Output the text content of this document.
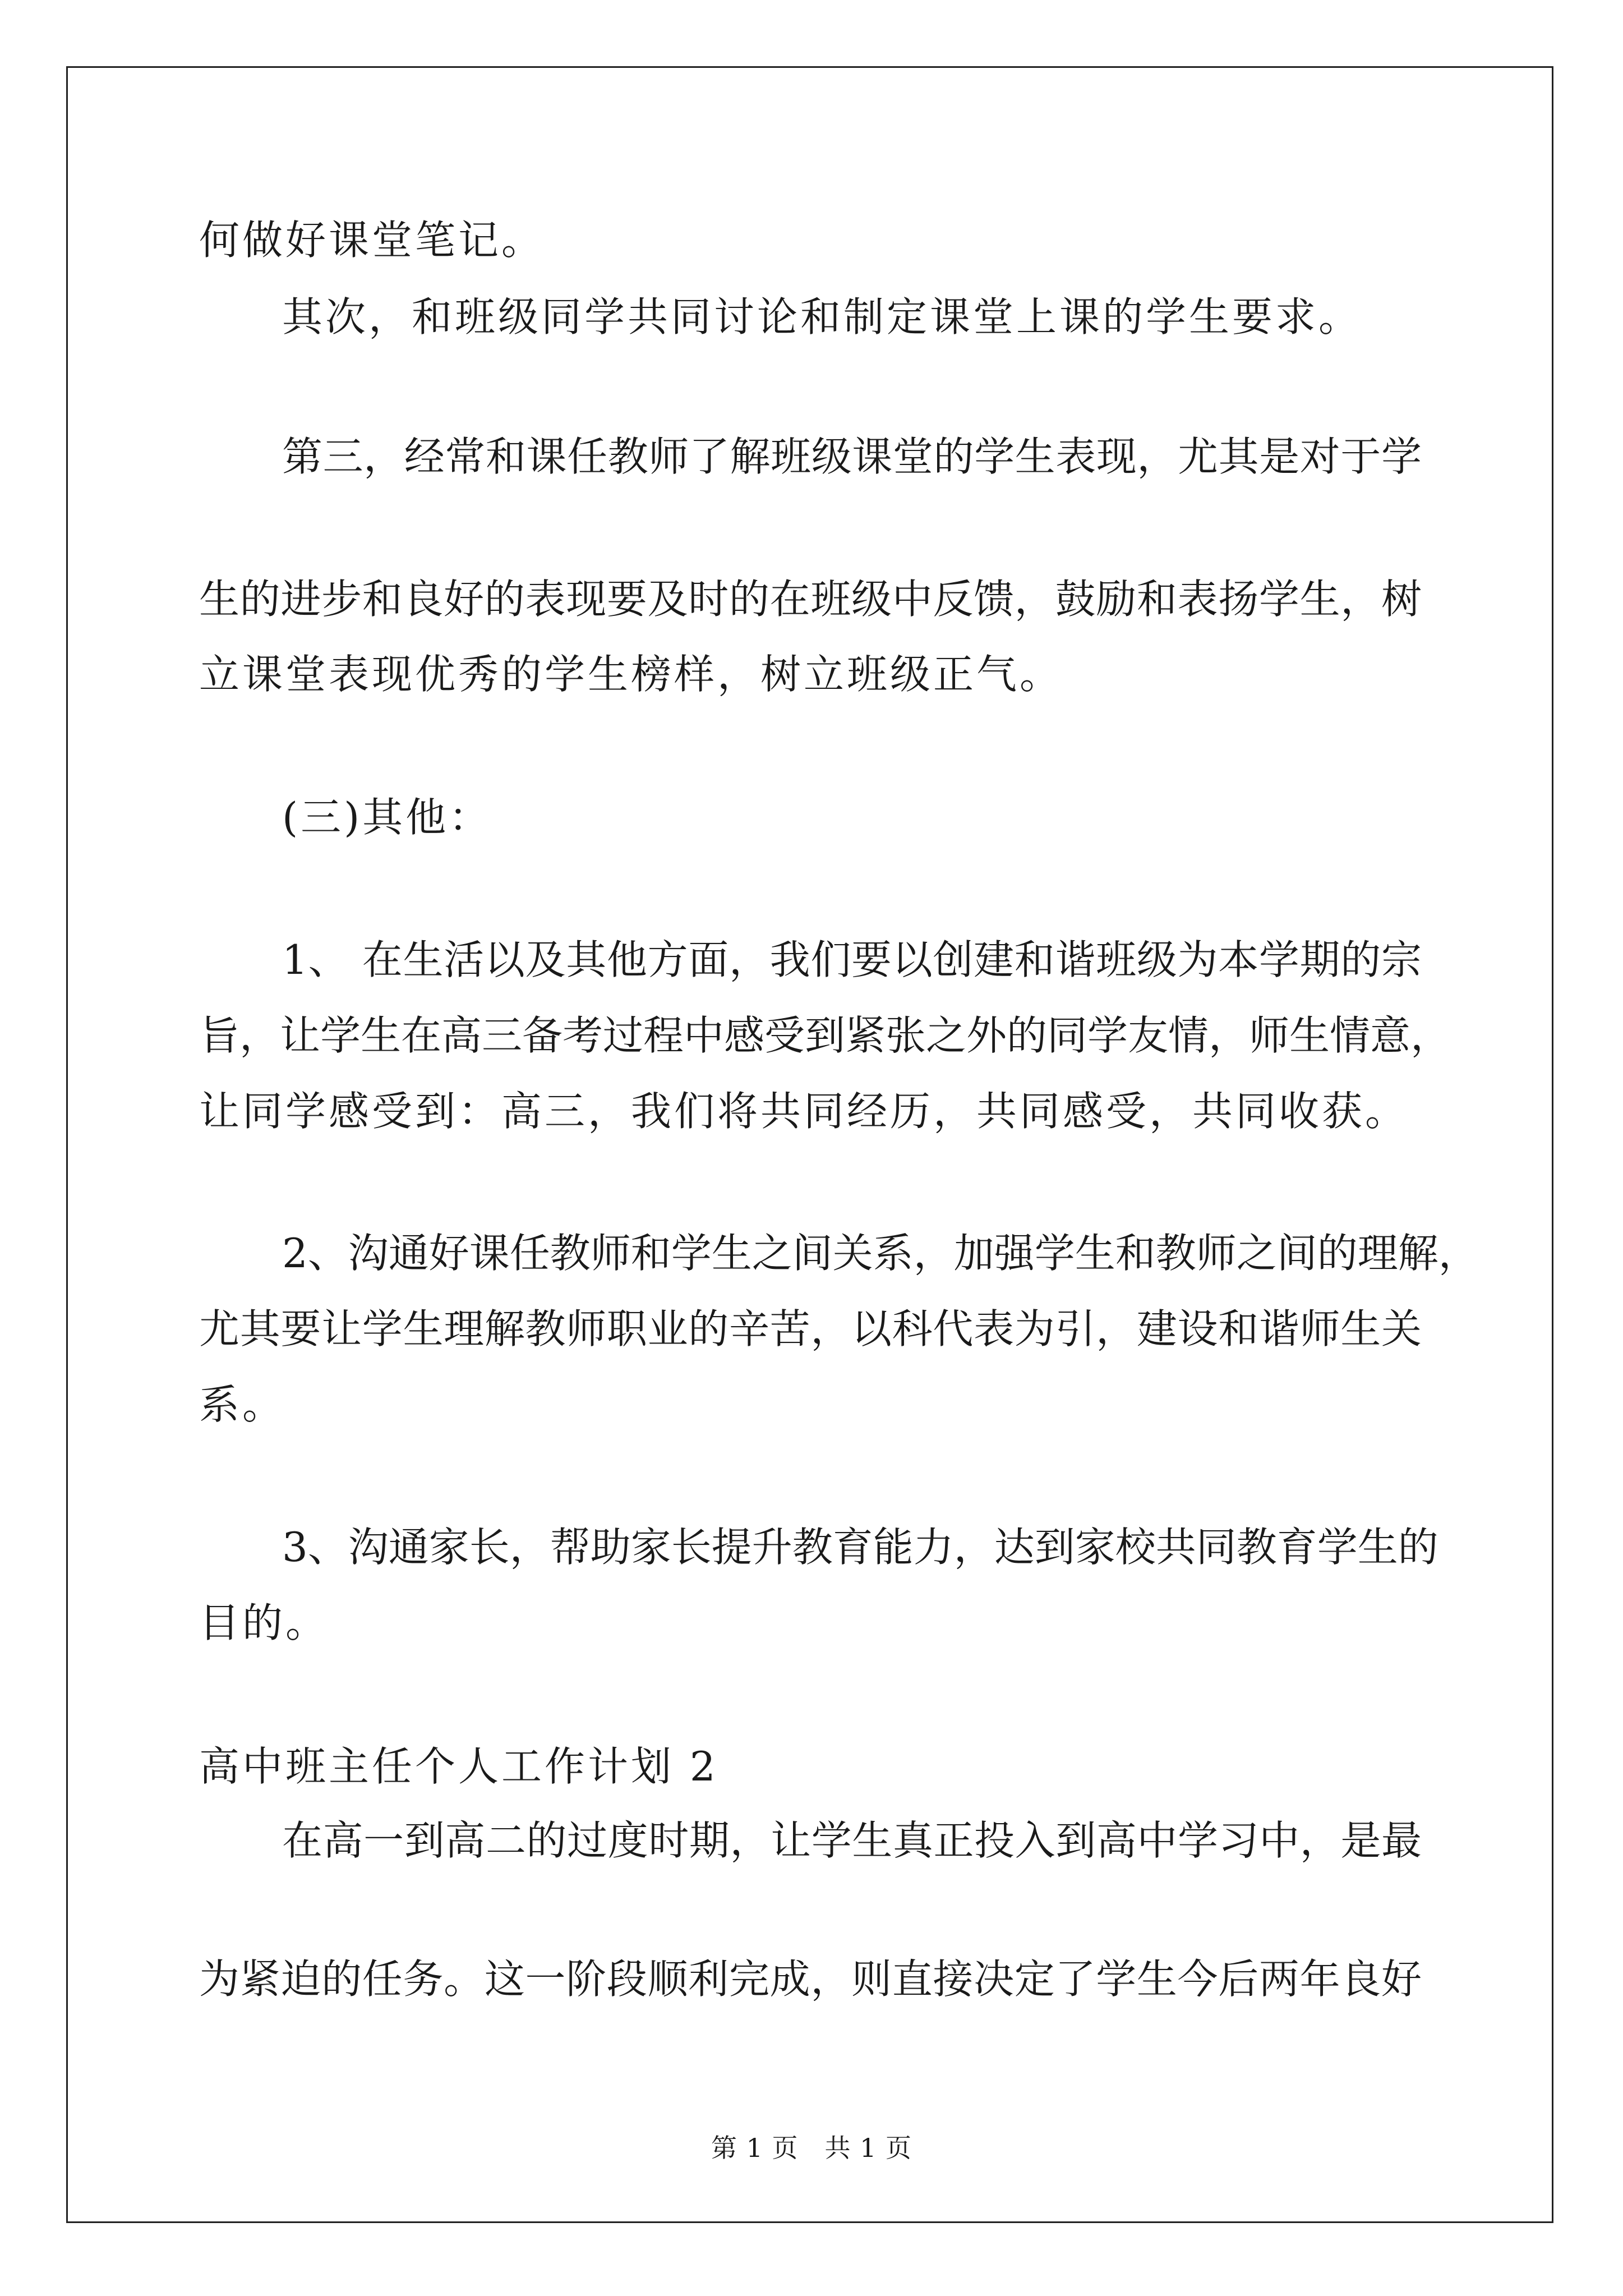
何做好课堂笔记。
其次，和班级同学共同讨论和制定课堂上课的学生要求。
第三，经常和课任教师了解班级课堂的学生表现，尤其是对于学
生的进步和良好的表现要及时的在班级中反馈，鼓励和表扬学生，树
立课堂表现优秀的学生榜样，树立班级正气。
(三)其他：
1、 在生活以及其他方面，我们要以创建和谐班级为本学期的宗
旨，让学生在高三备考过程中感受到紧张之外的同学友情，师生情意，
让同学感受到：高三，我们将共同经历，共同感受，共同收获。
2、沟通好课任教师和学生之间关系，加强学生和教师之间的理解，
尤其要让学生理解教师职业的辛苦，以科代表为引，建设和谐师生关
系。
3、沟通家长，帮助家长提升教育能力，达到家校共同教育学生的
目的。
高中班主任个人工作计划 2
在高一到高二的过度时期，让学生真正投入到高中学习中，是最
为紧迫的任务。这一阶段顺利完成，则直接决定了学生今后两年良好
第 1 页　共 1 页
